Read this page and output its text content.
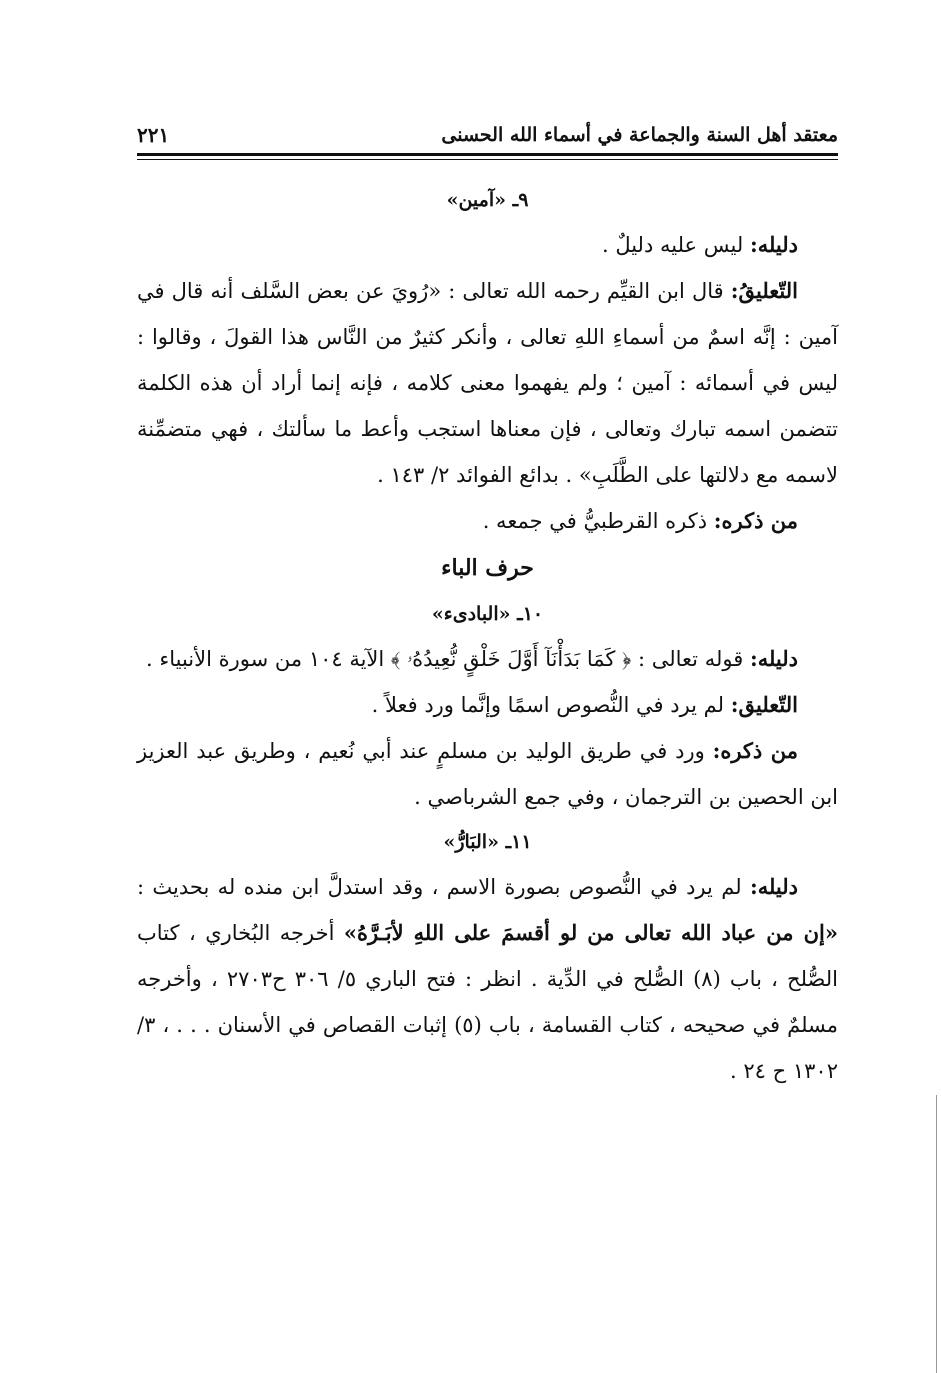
معتقد أهل السنة والجماعة في أسماء الله الحسنى
٢٢١

٩ـ «آمين»

دليله: ليس عليه دليلٌ .

التّعليقُ: قال ابن القيِّم رحمه الله تعالى : «رُويَ عن بعض السَّلف أنه قال في آمين : إنَّه اسمٌ من أسماءِ اللهِ تعالى ، وأنكر كثيرٌ من النَّاس هذا القولَ ، وقالوا : ليس في أسمائه : آمين ؛ ولم يفهموا معنى كلامه ، فإنه إنما أراد أن هذه الكلمة تتضمن اسمه تبارك وتعالى ، فإن معناها استجب وأعط ما سألتك ، فهي متضمِّنة لاسمه مع دلالتها على الطَّلَبِ» . بدائع الفوائد ٢/ ١٤٣ .

من ذكره: ذكره القرطبيُّ في جمعه .

حرف الباء

١٠ـ «البادىء»

دليله: قوله تعالى : ﴿ كَمَا بَدَأْنَآ أَوَّلَ خَلْقٍ نُّعِيدُهُۥ ﴾ الآية ١٠٤ من سورة الأنبياء .

التّعليق: لم يرد في النُّصوص اسمًا وإنَّما ورد فعلاً .

من ذكره: ورد في طريق الوليد بن مسلمٍ عند أبي نُعيم ، وطريق عبد العزيز ابن الحصين بن الترجمان ، وفي جمع الشرباصي .

١١ـ «البَارُّ»

دليله: لم يرد في النُّصوص بصورة الاسم ، وقد استدلَّ ابن منده له بحديث : «إن من عباد الله تعالى من لو أقسمَ على اللهِ لأبَـرَّهُ» أخرجه البُخاري ، كتاب الصُّلح ، باب (٨) الصُّلح في الدِّية . انظر : فتح الباري ٥/ ٣٠٦ ح٢٧٠٣ ، وأخرجه مسلمٌ في صحيحه ، كتاب القسامة ، باب (٥) إثبات القصاص في الأسنان . . . ، ٣/ ١٣٠٢ ح ٢٤ .
